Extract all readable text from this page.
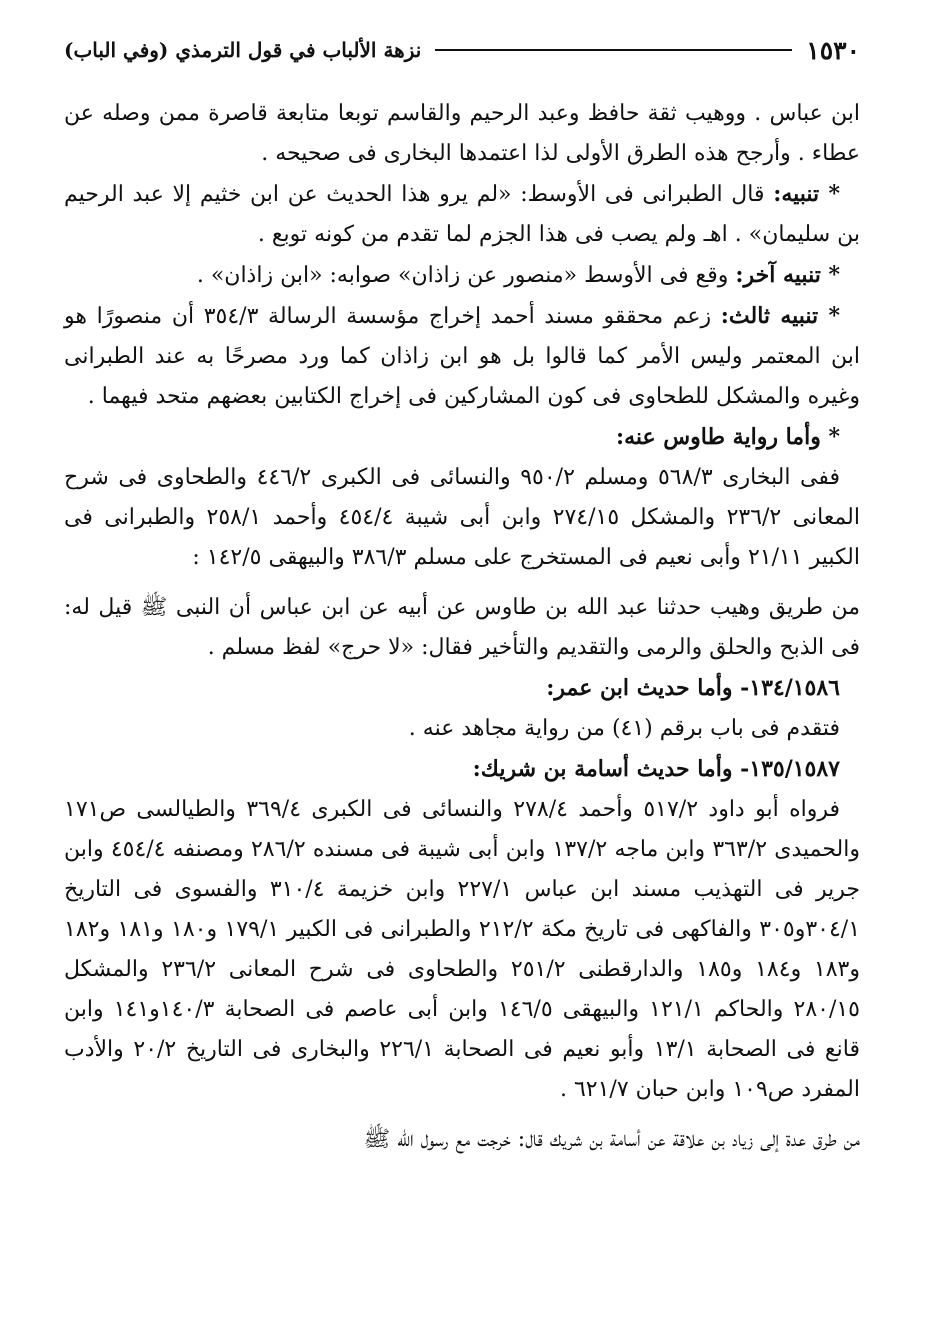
١٥٣٠
نزهة الألباب في قول الترمذي (وفي الباب)

ابن عباس . ووهيب ثقة حافظ وعبد الرحيم والقاسم توبعا متابعة قاصرة ممن وصله عن عطاء . وأرجح هذه الطرق الأولى لذا اعتمدها البخارى فى صحيحه .

* تنبيه: قال الطبرانى فى الأوسط: «لم يرو هذا الحديث عن ابن خثيم إلا عبد الرحيم بن سليمان» . اهـ ولم يصب فى هذا الجزم لما تقدم من كونه توبع .

* تنبيه آخر: وقع فى الأوسط «منصور عن زاذان» صوابه: «ابن زاذان» .

* تنبيه ثالث: زعم محققو مسند أحمد إخراج مؤسسة الرسالة ٣٥٤/٣ أن منصورًا هو ابن المعتمر وليس الأمر كما قالوا بل هو ابن زاذان كما ورد مصرحًا به عند الطبرانى وغيره والمشكل للطحاوى فى كون المشاركين فى إخراج الكتابين بعضهم متحد فيهما .

* وأما رواية طاوس عنه:

ففى البخارى ٥٦٨/٣ ومسلم ٩٥٠/٢ والنسائى فى الكبرى ٤٤٦/٢ والطحاوى فى شرح المعانى ٢٣٦/٢ والمشكل ٢٧٤/١٥ وابن أبى شيبة ٤٥٤/٤ وأحمد ٢٥٨/١ والطبرانى فى الكبير ٢١/١١ وأبى نعيم فى المستخرج على مسلم ٣٨٦/٣ والبيهقى ١٤٢/٥ :

من طريق وهيب حدثنا عبد الله بن طاوس عن أبيه عن ابن عباس أن النبى ﷺ قيل له: فى الذبح والحلق والرمى والتقديم والتأخير فقال: «لا حرج» لفظ مسلم .

١٣٤/١٥٨٦- وأما حديث ابن عمر:

فتقدم فى باب برقم (٤١) من رواية مجاهد عنه .

١٣٥/١٥٨٧- وأما حديث أسامة بن شريك:

فرواه أبو داود ٥١٧/٢ وأحمد ٢٧٨/٤ والنسائى فى الكبرى ٣٦٩/٤ والطيالسى ص١٧١ والحميدى ٣٦٣/٢ وابن ماجه ١٣٧/٢ وابن أبى شيبة فى مسنده ٢٨٦/٢ ومصنفه ٤٥٤/٤ وابن جرير فى التهذيب مسند ابن عباس ٢٢٧/١ وابن خزيمة ٣١٠/٤ والفسوى فى التاريخ ٣٠٤/١و٣٠٥ والفاكهى فى تاريخ مكة ٢١٢/٢ والطبرانى فى الكبير ١٧٩/١ و١٨٠ و١٨١ و١٨٢ و١٨٣ و١٨٤ و١٨٥ والدارقطنى ٢٥١/٢ والطحاوى فى شرح المعانى ٢٣٦/٢ والمشكل ٢٨٠/١٥ والحاكم ١٢١/١ والبيهقى ١٤٦/٥ وابن أبى عاصم فى الصحابة ١٤٠/٣و١٤١ وابن قانع فى الصحابة ١٣/١ وأبو نعيم فى الصحابة ٢٢٦/١ والبخارى فى التاريخ ٢٠/٢ والأدب المفرد ص١٠٩ وابن حبان ٦٢١/٧ .

من طرق عدة إلى زياد بن علاقة عن أسامة بن شريك قال: خرجت مع رسول الله ﷺ
